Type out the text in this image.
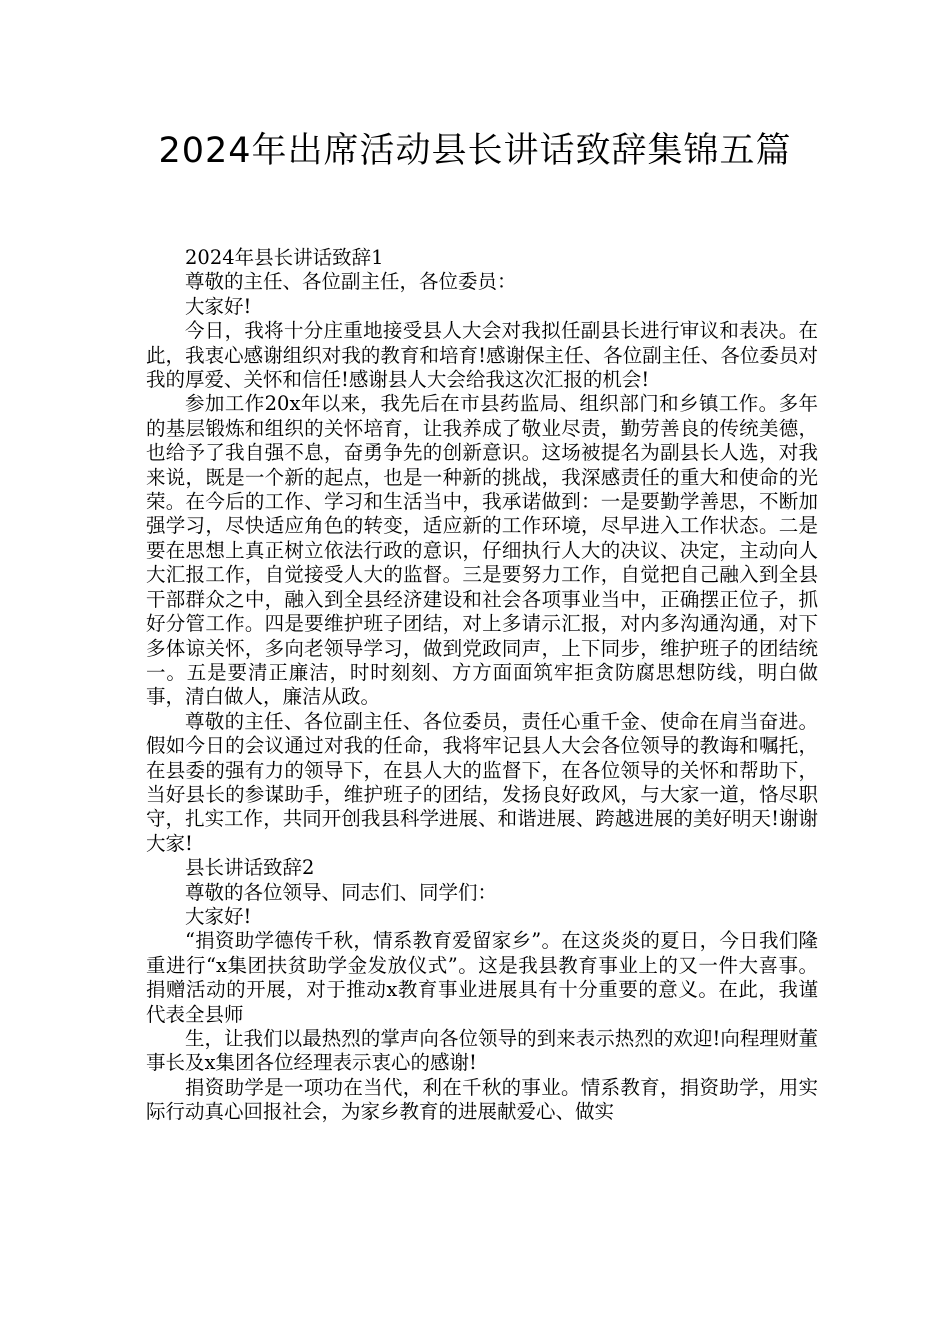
2024年出席活动县长讲话致辞集锦五篇

2024年县长讲话致辞1

尊敬的主任、各位副主任，各位委员：

大家好!

今日，我将十分庄重地接受县人大会对我拟任副县长进行审议和表决。在此，我衷心感谢组织对我的教育和培育!感谢保主任、各位副主任、各位委员对我的厚爱、关怀和信任!感谢县人大会给我这次汇报的机会!

参加工作20x年以来，我先后在市县药监局、组织部门和乡镇工作。多年的基层锻炼和组织的关怀培育，让我养成了敬业尽责，勤劳善良的传统美德，也给予了我自强不息，奋勇争先的创新意识。这场被提名为副县长人选，对我来说，既是一个新的起点，也是一种新的挑战，我深感责任的重大和使命的光荣。在今后的工作、学习和生活当中，我承诺做到：一是要勤学善思，不断加强学习，尽快适应角色的转变，适应新的工作环境，尽早进入工作状态。二是要在思想上真正树立依法行政的意识，仔细执行人大的决议、决定，主动向人大汇报工作，自觉接受人大的监督。三是要努力工作，自觉把自己融入到全县干部群众之中，融入到全县经济建设和社会各项事业当中，正确摆正位子，抓好分管工作。四是要维护班子团结，对上多请示汇报，对内多沟通沟通，对下多体谅关怀，多向老领导学习，做到党政同声，上下同步，维护班子的团结统一。五是要清正廉洁，时时刻刻、方方面面筑牢拒贪防腐思想防线，明白做事，清白做人，廉洁从政。

尊敬的主任、各位副主任、各位委员，责任心重千金、使命在肩当奋进。假如今日的会议通过对我的任命，我将牢记县人大会各位领导的教诲和嘱托，在县委的强有力的领导下，在县人大的监督下，在各位领导的关怀和帮助下，当好县长的参谋助手，维护班子的团结，发扬良好政风，与大家一道，恪尽职守，扎实工作，共同开创我县科学进展、和谐进展、跨越进展的美好明天!谢谢大家!

县长讲话致辞2

尊敬的各位领导、同志们、同学们：

大家好!

“捐资助学德传千秋，情系教育爱留家乡”。在这炎炎的夏日，今日我们隆重进行“x集团扶贫助学金发放仪式”。这是我县教育事业上的又一件大喜事。捐赠活动的开展，对于推动x教育事业进展具有十分重要的意义。在此，我谨代表全县师

生，让我们以最热烈的掌声向各位领导的到来表示热烈的欢迎!向程理财董事长及x集团各位经理表示衷心的感谢!

捐资助学是一项功在当代，利在千秋的事业。情系教育，捐资助学，用实际行动真心回报社会，为家乡教育的进展献爱心、做实
